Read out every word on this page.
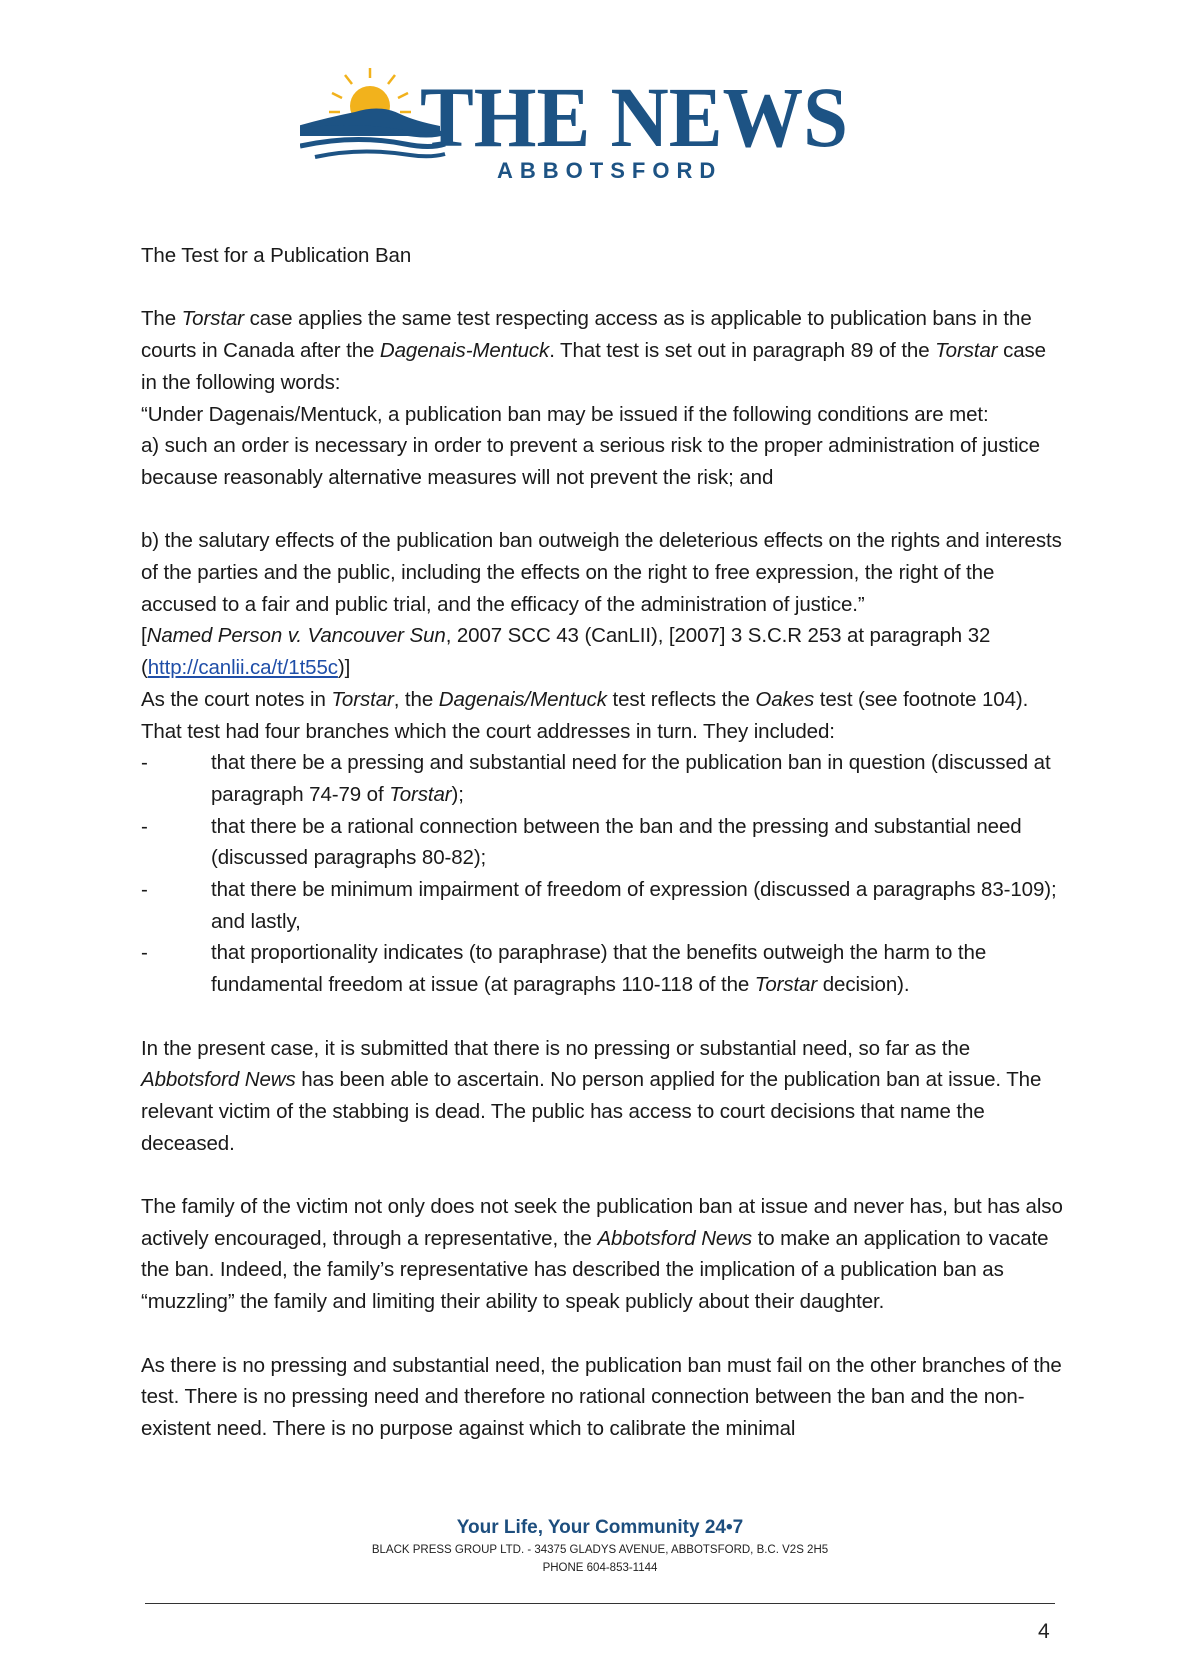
THE NEWS
ABBOTSFORD

The Test for a Publication Ban

The Torstar case applies the same test respecting access as is applicable to publication bans in the courts in Canada after the Dagenais-Mentuck. That test is set out in paragraph 89 of the Torstar case in the following words:

“Under Dagenais/Mentuck, a publication ban may be issued if the following conditions are met:

a) such an order is necessary in order to prevent a serious risk to the proper administration of justice because reasonably alternative measures will not prevent the risk; and

b) the salutary effects of the publication ban outweigh the deleterious effects on the rights and interests of the parties and the public, including the effects on the right to free expression, the right of the accused to a fair and public trial, and the efficacy of the administration of justice.”

[Named Person v. Vancouver Sun, 2007 SCC 43 (CanLII), [2007] 3 S.C.R 253 at paragraph 32 (http://canlii.ca/t/1t55c)]

As the court notes in Torstar, the Dagenais/Mentuck test reflects the Oakes test (see footnote 104). That test had four branches which the court addresses in turn. They included:

-	that there be a pressing and substantial need for the publication ban in question (discussed at paragraph 74-79 of Torstar);
-	that there be a rational connection between the ban and the pressing and substantial need (discussed paragraphs 80-82);
-	that there be minimum impairment of freedom of expression (discussed a paragraphs 83-109); and lastly,
-	that proportionality indicates (to paraphrase) that the benefits outweigh the harm to the fundamental freedom at issue (at paragraphs 110-118 of the Torstar decision).

In the present case, it is submitted that there is no pressing or substantial need, so far as the Abbotsford News has been able to ascertain. No person applied for the publication ban at issue. The relevant victim of the stabbing is dead. The public has access to court decisions that name the deceased.

The family of the victim not only does not seek the publication ban at issue and never has, but has also actively encouraged, through a representative, the Abbotsford News to make an application to vacate the ban. Indeed, the family’s representative has described the implication of a publication ban as “muzzling” the family and limiting their ability to speak publicly about their daughter.

As there is no pressing and substantial need, the publication ban must fail on the other branches of the test. There is no pressing need and therefore no rational connection between the ban and the non-existent need. There is no purpose against which to calibrate the minimal

Your Life, Your Community 24•7
BLACK PRESS GROUP LTD. - 34375 GLADYS AVENUE, ABBOTSFORD, B.C. V2S 2H5
PHONE 604-853-1144
4
